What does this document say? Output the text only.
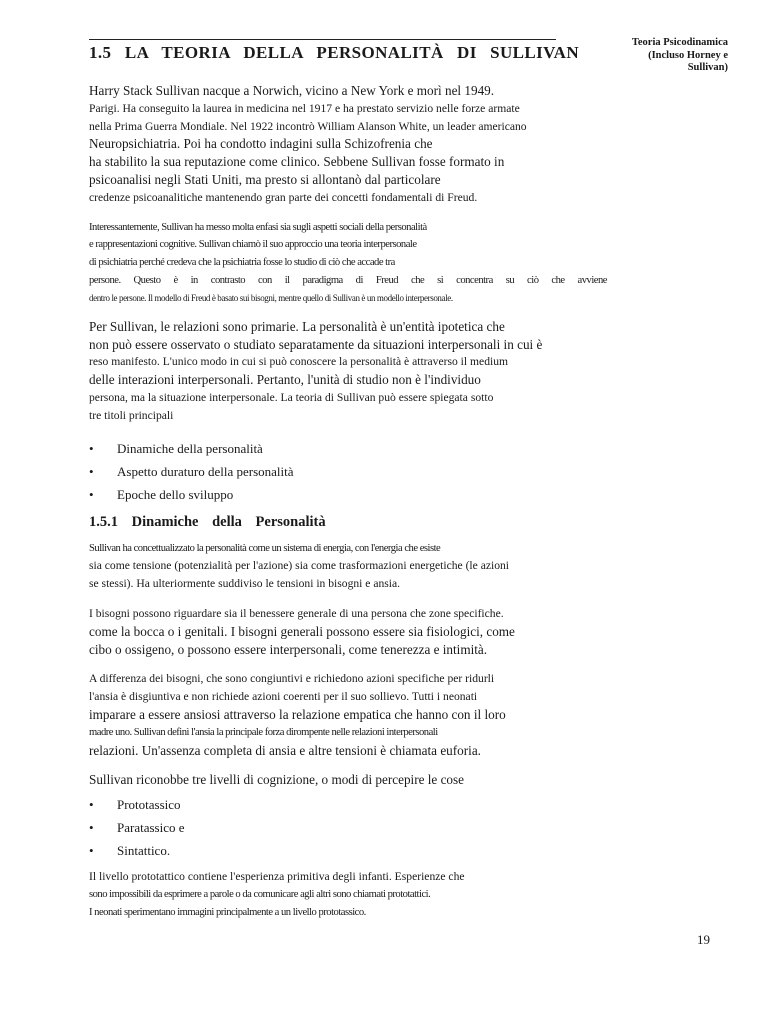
Teoria Psicodinamica
(Incluso Horney e
Sullivan)
1.5 LA TEORIA DELLA PERSONALITÀ DI SULLIVAN
Harry Stack Sullivan nacque a Norwich, vicino a New York e morì nel 1949.
Parigi. Ha conseguito la laurea in medicina nel 1917 e ha prestato servizio nelle forze armate
nella Prima Guerra Mondiale. Nel 1922 incontrò William Alanson White, un leader americano
Neuropsichiatria. Poi ha condotto indagini sulla Schizofrenia che
ha stabilito la sua reputazione come clinico. Sebbene Sullivan fosse formato in
psicoanalisi negli Stati Uniti, ma presto si allontanò dal particolare
credenze psicoanalitiche mantenendo gran parte dei concetti fondamentali di Freud.
Interessantemente, Sullivan ha messo molta enfasi sia sugli aspetti sociali della personalità
e rappresentazioni cognitive. Sullivan chiamò il suo approccio una teoria interpersonale
di psichiatria perché credeva che la psichiatria fosse lo studio di ciò che accade tra
persone. Questo è in contrasto con il paradigma di Freud che si concentra su ciò che avviene
dentro le persone. Il modello di Freud è basato sui bisogni, mentre quello di Sullivan è un modello interpersonale.
Per Sullivan, le relazioni sono primarie. La personalità è un'entità ipotetica che
non può essere osservato o studiato separatamente da situazioni interpersonali in cui è
reso manifesto. L'unico modo in cui si può conoscere la personalità è attraverso il medium
delle interazioni interpersonali. Pertanto, l'unità di studio non è l'individuo
persona, ma la situazione interpersonale. La teoria di Sullivan può essere spiegata sotto
tre titoli principali
• Dinamiche della personalità
• Aspetto duraturo della personalità
• Epoche dello sviluppo
1.5.1 Dinamiche della Personalità
Sullivan ha concettualizzato la personalità come un sistema di energia, con l'energia che esiste
sia come tensione (potenzialità per l'azione) sia come trasformazioni energetiche (le azioni
se stessi). Ha ulteriormente suddiviso le tensioni in bisogni e ansia.
I bisogni possono riguardare sia il benessere generale di una persona che zone specifiche.
come la bocca o i genitali. I bisogni generali possono essere sia fisiologici, come
cibo o ossigeno, o possono essere interpersonali, come tenerezza e intimità.
A differenza dei bisogni, che sono congiuntivi e richiedono azioni specifiche per ridurli
l'ansia è disgiuntiva e non richiede azioni coerenti per il suo sollievo. Tutti i neonati
imparare a essere ansiosi attraverso la relazione empatica che hanno con il loro
madre uno. Sullivan definì l'ansia la principale forza dirompente nelle relazioni interpersonali
relazioni. Un'assenza completa di ansia e altre tensioni è chiamata euforia.
Sullivan riconobbe tre livelli di cognizione, o modi di percepire le cose
• Prototassico
• Paratassico e
• Sintattico.
Il livello prototattico contiene l'esperienza primitiva degli infanti. Esperienze che
sono impossibili da esprimere a parole o da comunicare agli altri sono chiamati prototattici.
I neonati sperimentano immagini principalmente a un livello prototassico.
19
